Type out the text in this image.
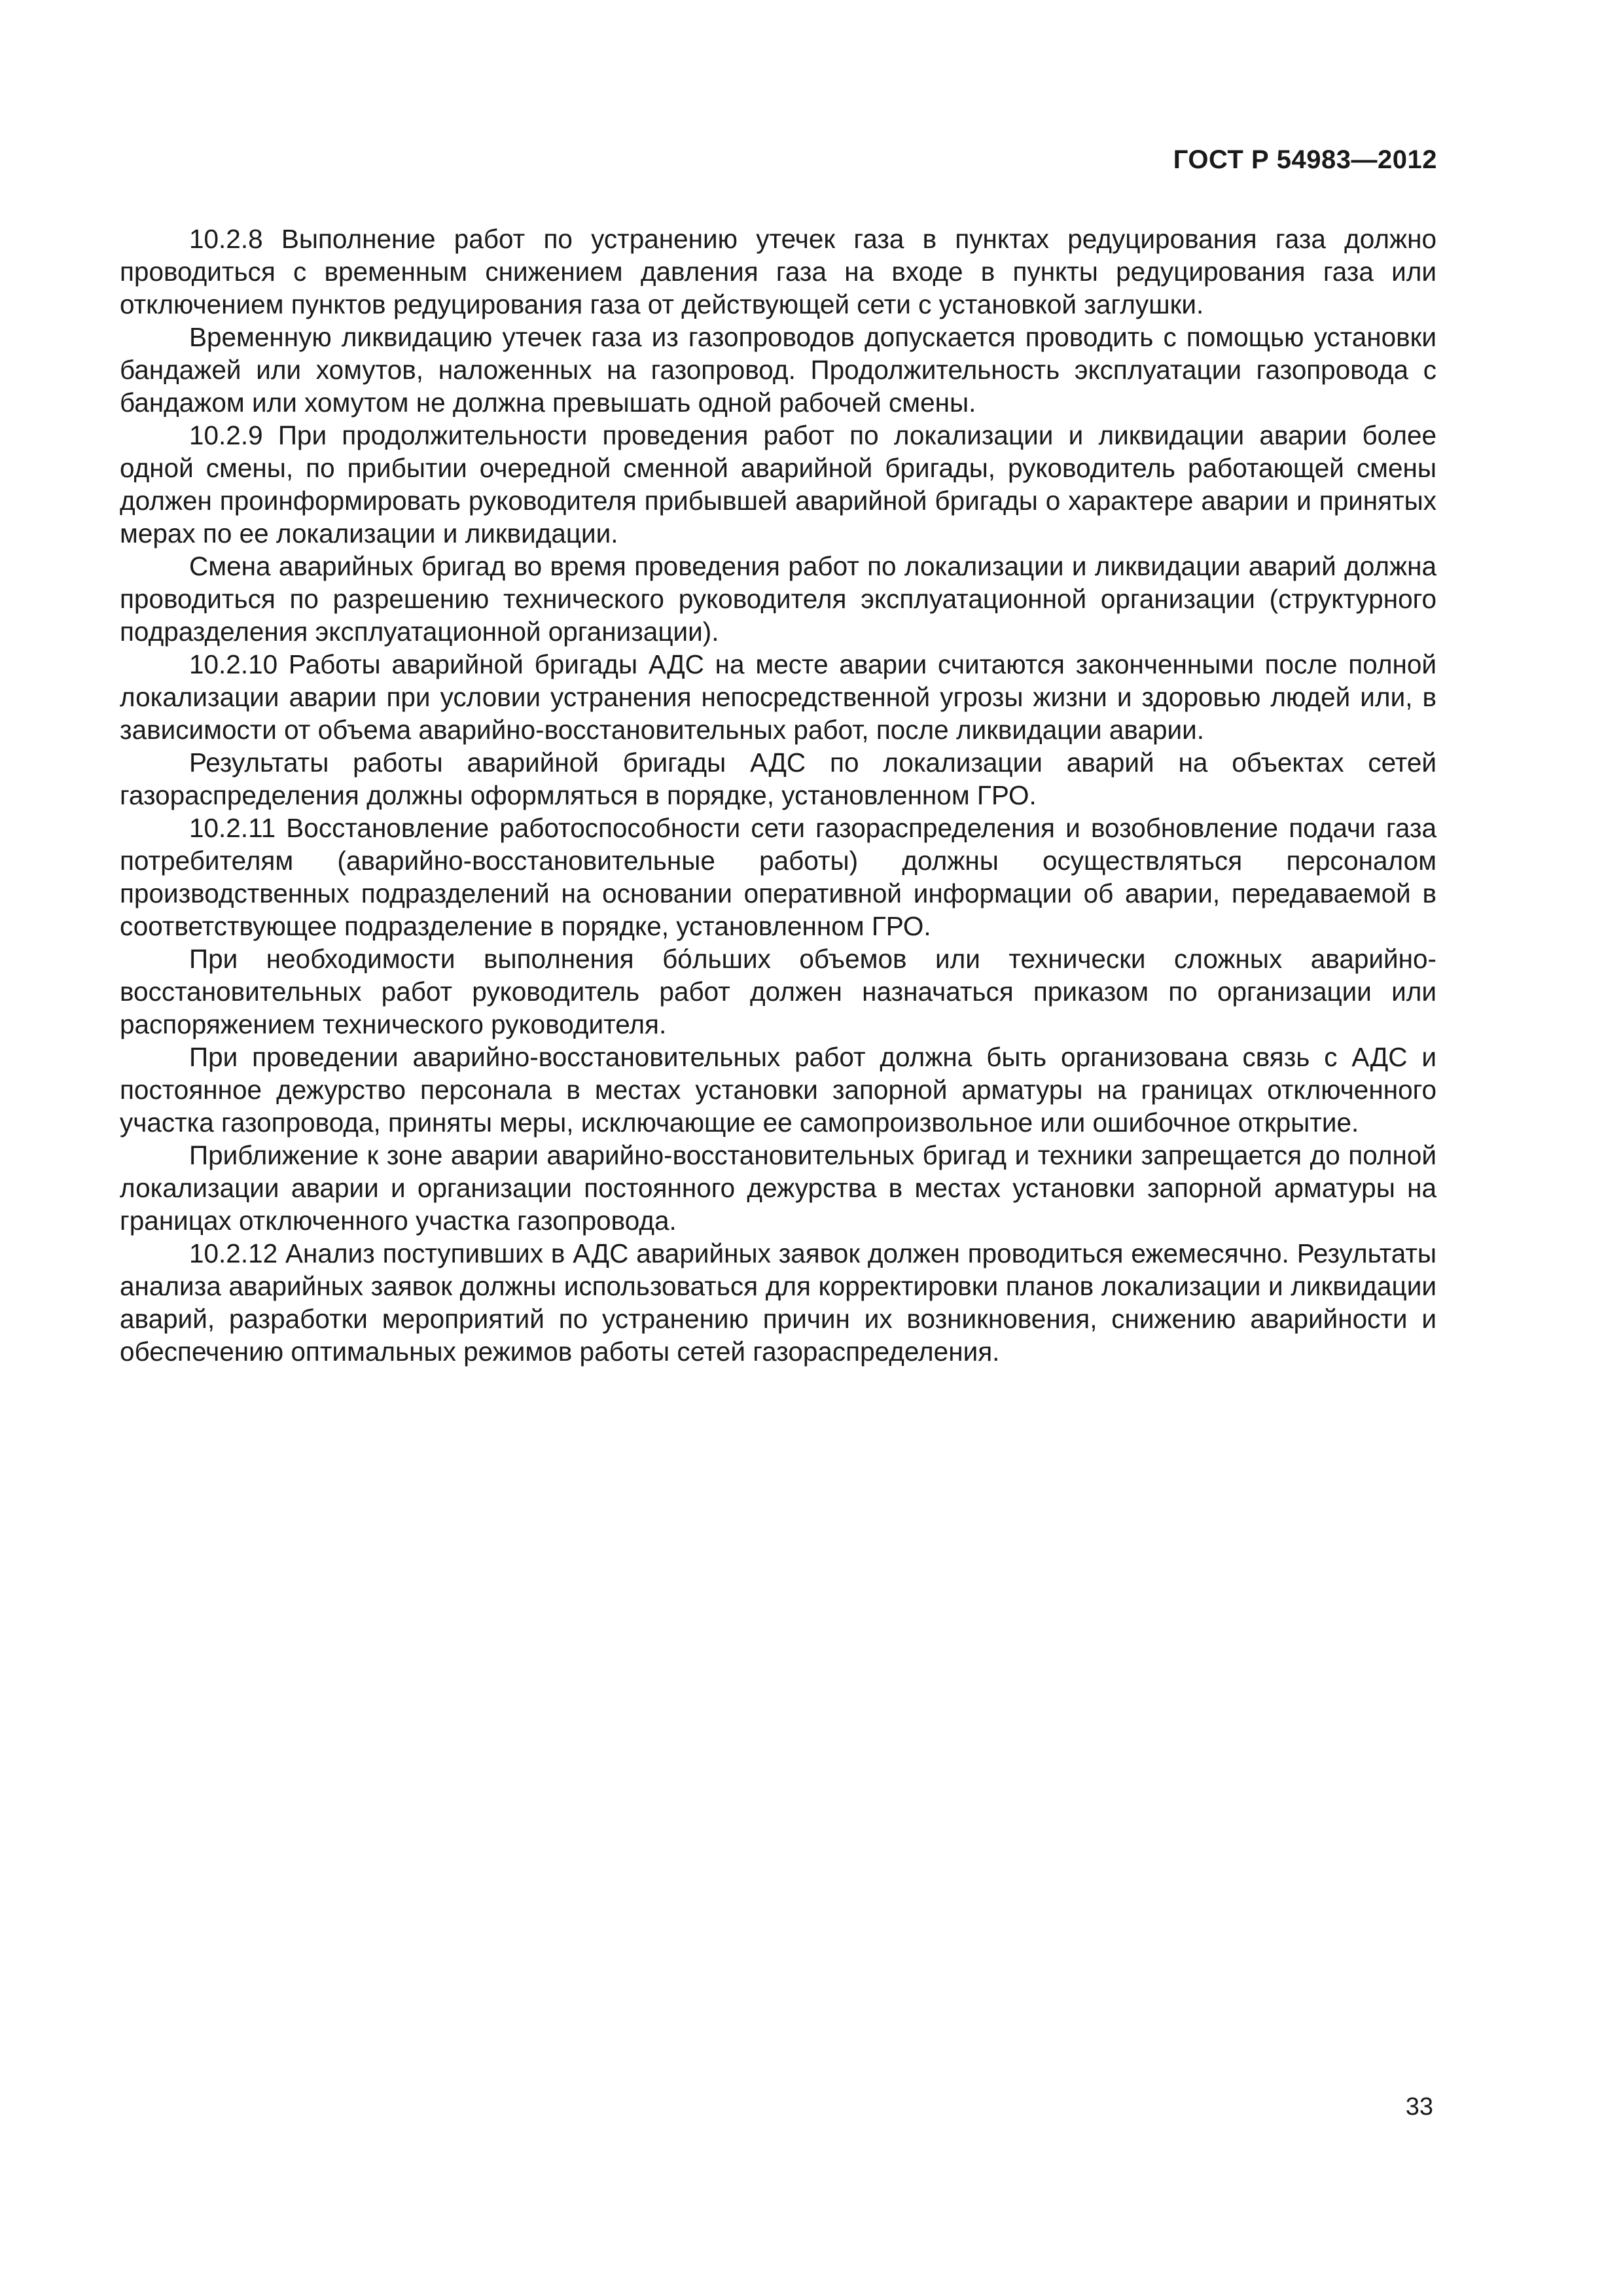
ГОСТ Р 54983—2012

10.2.8 Выполнение работ по устранению утечек газа в пунктах редуцирования газа должно проводиться с временным снижением давления газа на входе в пункты редуцирования газа или отключением пунктов редуцирования газа от действующей сети с установкой заглушки.

Временную ликвидацию утечек газа из газопроводов допускается проводить с помощью установки бандажей или хомутов, наложенных на газопровод. Продолжительность эксплуатации газопровода с бандажом или хомутом не должна превышать одной рабочей смены.

10.2.9 При продолжительности проведения работ по локализации и ликвидации аварии более одной смены, по прибытии очередной сменной аварийной бригады, руководитель работающей смены должен проинформировать руководителя прибывшей аварийной бригады о характере аварии и принятых мерах по ее локализации и ликвидации.

Смена аварийных бригад во время проведения работ по локализации и ликвидации аварий должна проводиться по разрешению технического руководителя эксплуатационной организации (структурного подразделения эксплуатационной организации).

10.2.10 Работы аварийной бригады АДС на месте аварии считаются законченными после полной локализации аварии при условии устранения непосредственной угрозы жизни и здоровью людей или, в зависимости от объема аварийно-восстановительных работ, после ликвидации аварии.

Результаты работы аварийной бригады АДС по локализации аварий на объектах сетей газораспределения должны оформляться в порядке, установленном ГРО.

10.2.11 Восстановление работоспособности сети газораспределения и возобновление подачи газа потребителям (аварийно-восстановительные работы) должны осуществляться персоналом производственных подразделений на основании оперативной информации об аварии, передаваемой в соответствующее подразделение в порядке, установленном ГРО.

При необходимости выполнения бо́льших объемов или технически сложных аварийно-восстановительных работ руководитель работ должен назначаться приказом по организации или распоряжением технического руководителя.

При проведении аварийно-восстановительных работ должна быть организована связь с АДС и постоянное дежурство персонала в местах установки запорной арматуры на границах отключенного участка газопровода, приняты меры, исключающие ее самопроизвольное или ошибочное открытие.

Приближение к зоне аварии аварийно-восстановительных бригад и техники запрещается до полной локализации аварии и организации постоянного дежурства в местах установки запорной арматуры на границах отключенного участка газопровода.

10.2.12 Анализ поступивших в АДС аварийных заявок должен проводиться ежемесячно. Результаты анализа аварийных заявок должны использоваться для корректировки планов локализации и ликвидации аварий, разработки мероприятий по устранению причин их возникновения, снижению аварийности и обеспечению оптимальных режимов работы сетей газораспределения.

33
